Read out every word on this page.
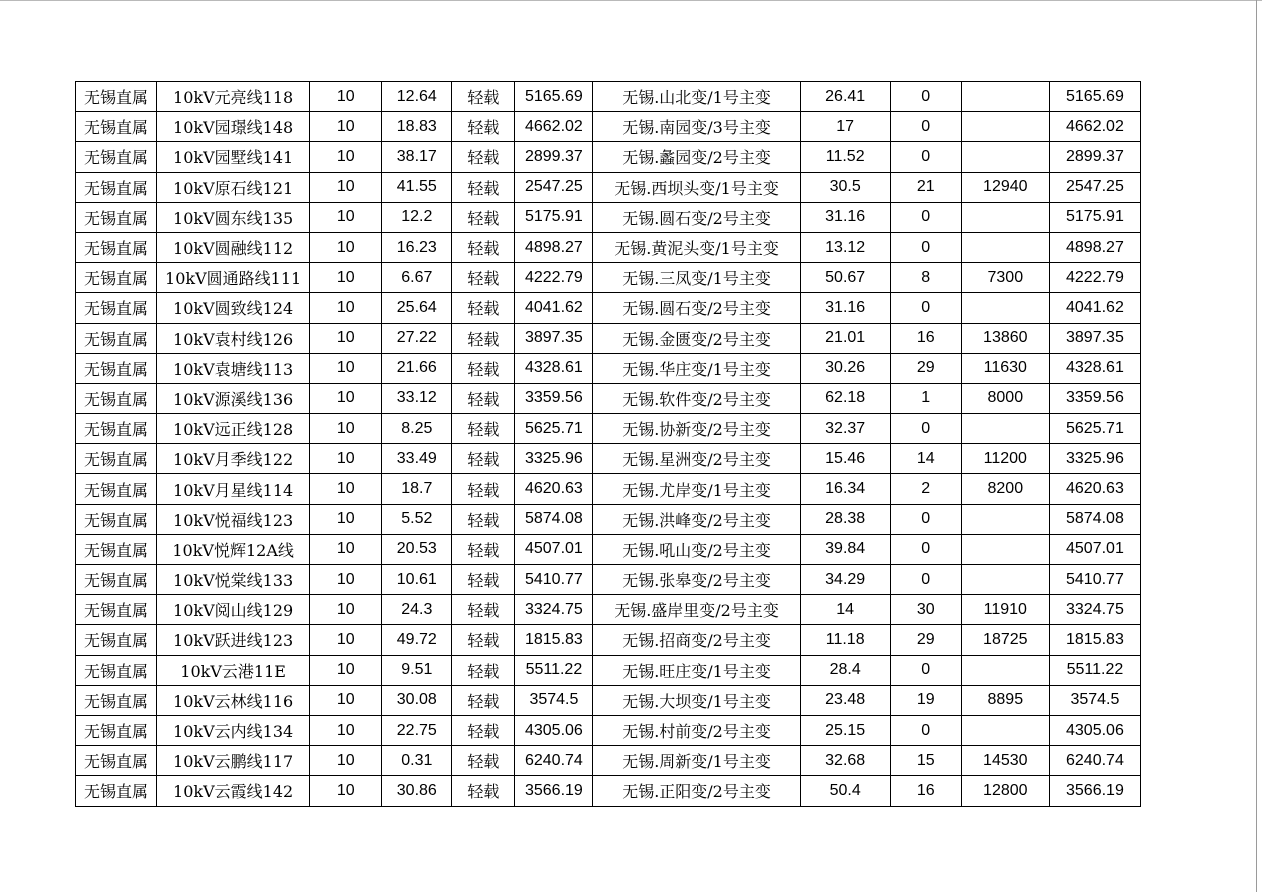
无锡直属	10kV元亮线118	10	12.64	轻载	5165.69	无锡.山北变/1号主变	26.41	0		5165.69
无锡直属	10kV园璟线148	10	18.83	轻载	4662.02	无锡.南园变/3号主变	17	0		4662.02
无锡直属	10kV园墅线141	10	38.17	轻载	2899.37	无锡.蠡园变/2号主变	11.52	0		2899.37
无锡直属	10kV原石线121	10	41.55	轻载	2547.25	无锡.西坝头变/1号主变	30.5	21	12940	2547.25
无锡直属	10kV圆东线135	10	12.2	轻载	5175.91	无锡.圆石变/2号主变	31.16	0		5175.91
无锡直属	10kV圆融线112	10	16.23	轻载	4898.27	无锡.黄泥头变/1号主变	13.12	0		4898.27
无锡直属	10kV圆通路线111	10	6.67	轻载	4222.79	无锡.三凤变/1号主变	50.67	8	7300	4222.79
无锡直属	10kV圆致线124	10	25.64	轻载	4041.62	无锡.圆石变/2号主变	31.16	0		4041.62
无锡直属	10kV袁村线126	10	27.22	轻载	3897.35	无锡.金匮变/2号主变	21.01	16	13860	3897.35
无锡直属	10kV袁塘线113	10	21.66	轻载	4328.61	无锡.华庄变/1号主变	30.26	29	11630	4328.61
无锡直属	10kV源溪线136	10	33.12	轻载	3359.56	无锡.软件变/2号主变	62.18	1	8000	3359.56
无锡直属	10kV远正线128	10	8.25	轻载	5625.71	无锡.协新变/2号主变	32.37	0		5625.71
无锡直属	10kV月季线122	10	33.49	轻载	3325.96	无锡.星洲变/2号主变	15.46	14	11200	3325.96
无锡直属	10kV月星线114	10	18.7	轻载	4620.63	无锡.尤岸变/1号主变	16.34	2	8200	4620.63
无锡直属	10kV悦福线123	10	5.52	轻载	5874.08	无锡.洪峰变/2号主变	28.38	0		5874.08
无锡直属	10kV悦辉12A线	10	20.53	轻载	4507.01	无锡.吼山变/2号主变	39.84	0		4507.01
无锡直属	10kV悦棠线133	10	10.61	轻载	5410.77	无锡.张皋变/2号主变	34.29	0		5410.77
无锡直属	10kV阅山线129	10	24.3	轻载	3324.75	无锡.盛岸里变/2号主变	14	30	11910	3324.75
无锡直属	10kV跃进线123	10	49.72	轻载	1815.83	无锡.招商变/2号主变	11.18	29	18725	1815.83
无锡直属	10kV云港11E	10	9.51	轻载	5511.22	无锡.旺庄变/1号主变	28.4	0		5511.22
无锡直属	10kV云林线116	10	30.08	轻载	3574.5	无锡.大坝变/1号主变	23.48	19	8895	3574.5
无锡直属	10kV云内线134	10	22.75	轻载	4305.06	无锡.村前变/2号主变	25.15	0		4305.06
无锡直属	10kV云鹏线117	10	0.31	轻载	6240.74	无锡.周新变/1号主变	32.68	15	14530	6240.74
无锡直属	10kV云霞线142	10	30.86	轻载	3566.19	无锡.正阳变/2号主变	50.4	16	12800	3566.19
